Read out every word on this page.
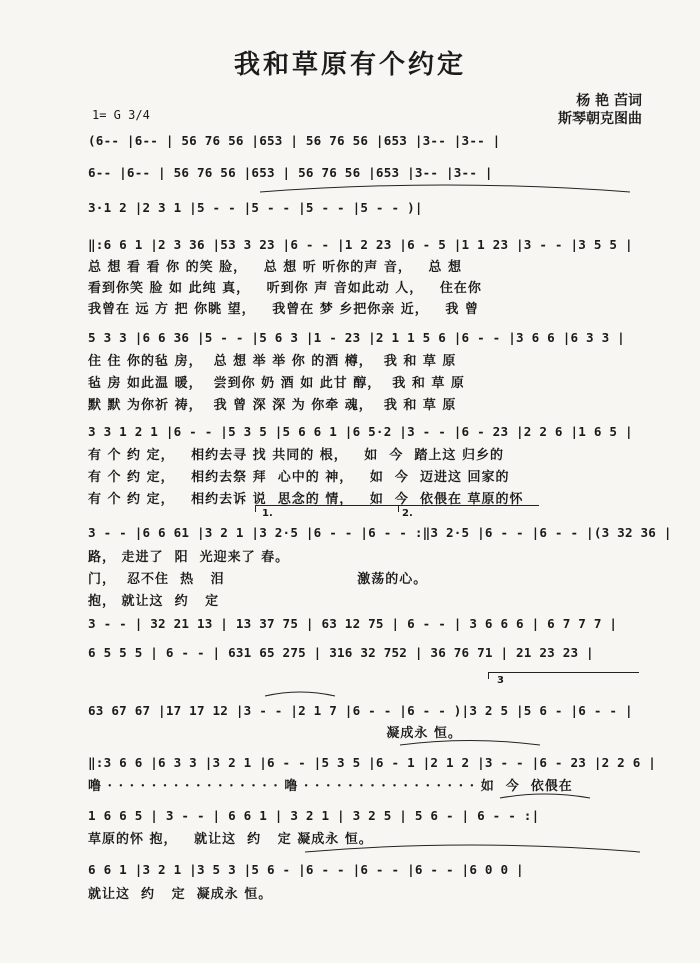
我和草原有个约定
杨 艳 苩词
斯琴朝克图曲
1= G 3/4
(6-- |6-- | 56 76 56 |653 | 56 76 56 |653 |3-- |3-- |
6-- |6-- | 56 76 56 |653 | 56 76 56 |653 |3-- |3-- |
3·1 2 |2 3 1 |5 - - |5 - - |5 - - |5 - - )|
‖:6 6 1 |2 3 36 |53 3 23 |6 - - |1 2 23 |6 - 5 |1 1 23 |3 - - |3 5 5 |
总 想 看 看 你 的笑 脸，   总 想 听 听你的声 音，   总 想
看到你笑 脸 如 此纯 真，   听到你 声 音如此动 人，   住在你
我曾在 远 方 把 你眺 望，   我曾在 梦 乡把你亲 近，   我 曾
5 3 3 |6 6 36 |5 - - |5 6 3 |1 - 23 |2 1 1 5 6 |6 - - |3 6 6 |6 3 3 |
住 住 你的毡 房，  总 想 举 举 你 的酒 樽，  我 和 草 原
毡 房 如此温 暖，  尝到你 奶 酒 如 此甘 醇，  我 和 草 原
默 默 为你祈 祷，  我 曾 深 深 为 你牵 魂，  我 和 草 原
3 3 1 2 1 |6 - - |5 3 5 |5 6 6 1 |6 5·2 |3 - - |6 - 23 |2 2 6 |1 6 5 |
有 个 约 定，   相约去寻 找 共同的 根，   如  今  踏上这 归乡的
有 个 约 定，   相约去祭 拜  心中的 神，   如  今  迈进这 回家的
有 个 约 定，   相约去诉 说  思念的 情，   如  今  依偎在 草原的怀
3 - - |6 6 61 |3 2 1 |3 2·5 |6 - - |6 - - :‖3 2·5 |6 - - |6 - - |(3 32 36 |
路， 走进了  阳  光迎来了 春。
门，  忍不住  热   泪                        激荡的心。
抱， 就让这  约   定
3 - - | 32 21 13 | 13 37 75 | 63 12 75 | 6 - - | 3 6 6 6 | 6 7 7 7 |
6 5 5 5 | 6 - - | 631 65 275 | 316 32 752 | 36 76 71 | 21 23 23 |
63 67 67 |17 17 12 |3 - - |2 1 7 |6 - - |6 - - )|3 2 5 |5 6 - |6 - - |
凝成永 恒。
‖:3 6 6 |6 3 3 |3 2 1 |6 - - |5 3 5 |6 - 1 |2 1 2 |3 - - |6 - 23 |2 2 6 |
噜 · · · · · · · · · · · · · · · · 噜 · · · · · · · · · · · · · · · · 如  今  依偎在
1 6 6 5 | 3 - - | 6 6 1 | 3 2 1 | 3 2 5 | 5 6 - | 6 - - :|
草原的怀 抱，   就让这  约   定 凝成永 恒。
6 6 1 |3 2 1 |3 5 3 |5 6 - |6 - - |6 - - |6 - - |6 0 0 |
就让这  约   定  凝成永 恒。
1.	2.
3
